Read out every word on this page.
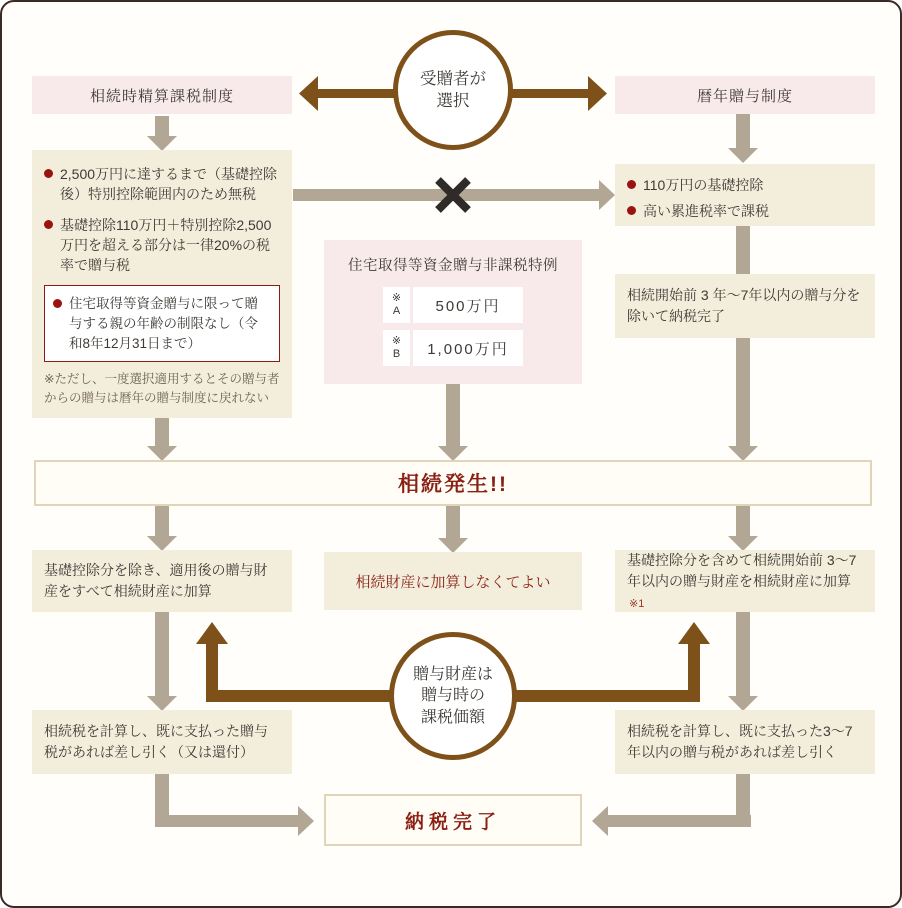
受贈者が
選択
相続時精算課税制度	暦年贈与制度
2,500万円に達するまで（基礎控除後）特別控除範囲内のため無税
基礎控除110万円＋特別控除2,500万円を超える部分は一律20%の税率で贈与税
住宅取得等資金贈与に限って贈与する親の年齢の制限なし（令和8年12月31日まで）
※ただし、一度選択適用するとその贈与者からの贈与は暦年の贈与制度に戻れない
110万円の基礎控除
高い累進税率で課税
相続開始前 3 年～7年以内の贈与分を除いて納税完了
住宅取得等資金贈与非課税特例
※
A	500万円
※
B	1,000万円
相続発生!!
基礎控除分を除き、適用後の贈与財産をすべて相続財産に加算
相続財産に加算しなくてよい
基礎控除分を含めて相続開始前 3～7 年以内の贈与財産を相続財産に加算※1
贈与財産は
贈与時の
課税価額
相続税を計算し、既に支払った贈与税があれば差し引く（又は還付）
相続税を計算し、既に支払った3～7年以内の贈与税があれば差し引く
納税完了
